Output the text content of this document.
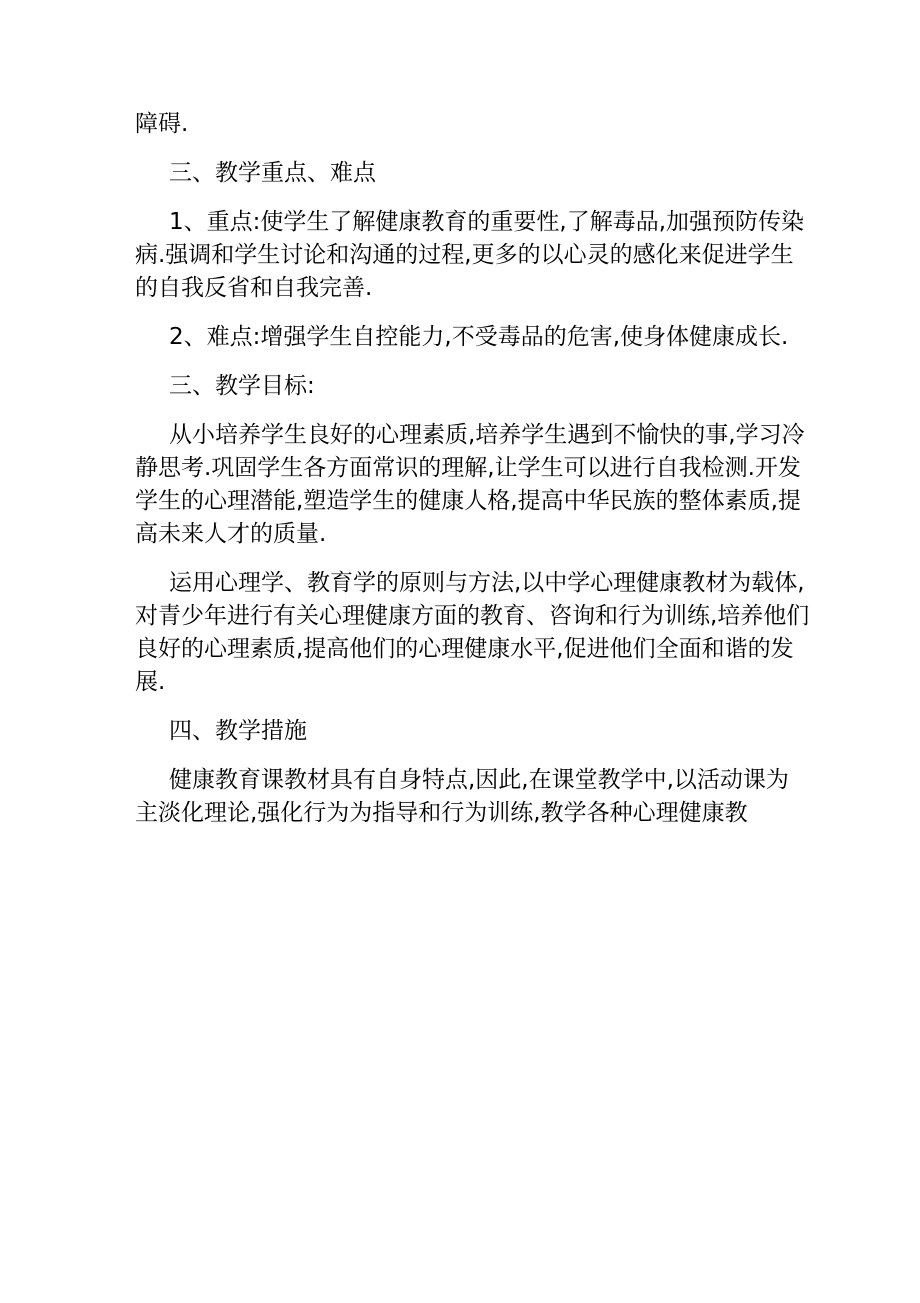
障碍.
三、教学重点、难点
1、重点:使学生了解健康教育的重要性,了解毒品,加强预防传染
病.强调和学生讨论和沟通的过程,更多的以心灵的感化来促进学生
的自我反省和自我完善.
2、难点:增强学生自控能力,不受毒品的危害,使身体健康成长.
三、教学目标:
从小培养学生良好的心理素质,培养学生遇到不愉快的事,学习冷
静思考.巩固学生各方面常识的理解,让学生可以进行自我检测.开发
学生的心理潜能,塑造学生的健康人格,提高中华民族的整体素质,提
高未来人才的质量.
运用心理学、教育学的原则与方法,以中学心理健康教材为载体,
对青少年进行有关心理健康方面的教育、咨询和行为训练,培养他们
良好的心理素质,提高他们的心理健康水平,促进他们全面和谐的发
展.
四、教学措施
健康教育课教材具有自身特点,因此,在课堂教学中,以活动课为
主淡化理论,强化行为为指导和行为训练,教学各种心理健康教
